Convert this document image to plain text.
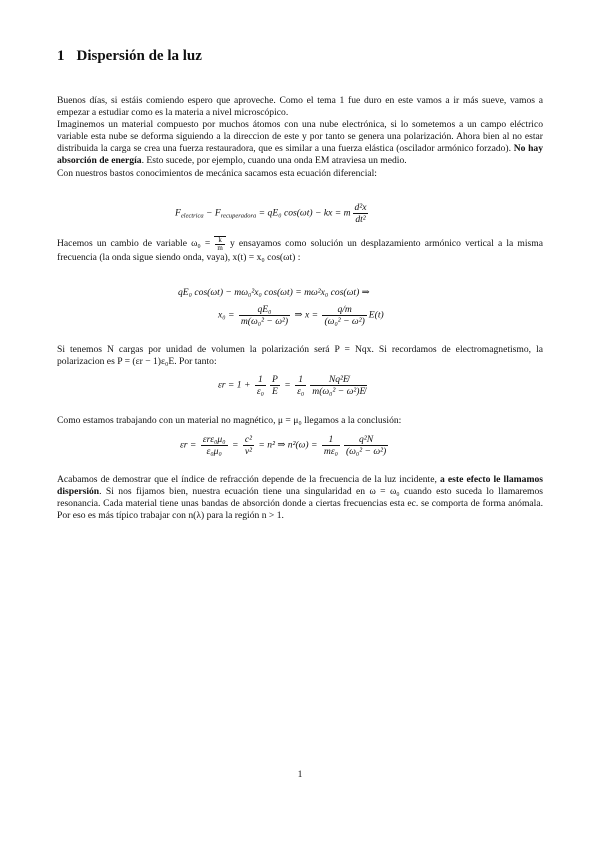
1 Dispersión de la luz
Buenos días, si estáis comiendo espero que aproveche. Como el tema 1 fue duro en este vamos a ir más sueve, vamos a empezar a estudiar como es la materia a nivel microscópico.
Imaginemos un material compuesto por muchos átomos con una nube electrónica, si lo sometemos a un campo eléctrico variable esta nube se deforma siguiendo a la direccion de este y por tanto se genera una polarización. Ahora bien al no estar distribuida la carga se crea una fuerza restauradora, que es similar a una fuerza elástica (oscilador armónico forzado). No hay absorción de energía. Esto sucede, por ejemplo, cuando una onda EM atraviesa un medio.
Con nuestros bastos conocimientos de mecánica sacamos esta ecuación diferencial:
$F_{electrica} - F_{recuperadora} = qE_0$ cos(ωt) − kx = m $\frac{\text{d²x}}{\text{dt²}}$
Hacemos un cambio de variable $\omega_0 = \frac{k}{m}$ y ensayamos como solución un desplazamiento armónico vertical a la misma frecuencia (la onda sigue siendo onda, vaya), x(t) = x₀ cos(ωt) :
qE₀ cos(ωt) − mω₀²x₀ cos(ωt) = mω²x₀ cos(ωt) ⇒
$x_0 = \frac{\text{qE₀}}{\text{m(ω₀² − ω²)}}$ ⇒ $x = \frac{q/m}{\text{(ω₀² − ω²)}} E(t)$
Si tenemos N cargas por unidad de volumen la polarización será P = Nqx. Si recordamos de electromagnetismo, la polarizacion es P = (εr − 1)ε₀E. Por tanto:
$\varepsilon r = 1 + \frac{1}{\text{ε₀}} \frac{P}{E} = \frac{1}{\text{ε₀}} \frac{\text{Nq²E̸}}{\text{m(ω₀² − ω²)E̸}}$
Como estamos trabajando con un material no magnético, μ = μ₀ llegamos a la conclusión:
$\varepsilon r = \frac{\text{εrε₀μ₀}}{\text{ε₀μ₀}} = \frac{\text{c²}}{\text{v²}} = n^2$ ⇒ $n^2(\omega) = \frac{1}{\text{mε₀}} \frac{\text{q²N}}{\text{(ω₀² − ω²)}}$
Acabamos de demostrar que el índice de refracción depende de la frecuencia de la luz incidente, a este efecto le llamamos dispersión. Si nos fijamos bien, nuestra ecuación tiene una singularidad en ω = ω₀ cuando esto suceda lo llamaremos resonancia. Cada material tiene unas bandas de absorción donde a ciertas frecuencias esta ec. se comporta de forma anómala. Por eso es más típico trabajar con n(λ) para la región n > 1.
1
